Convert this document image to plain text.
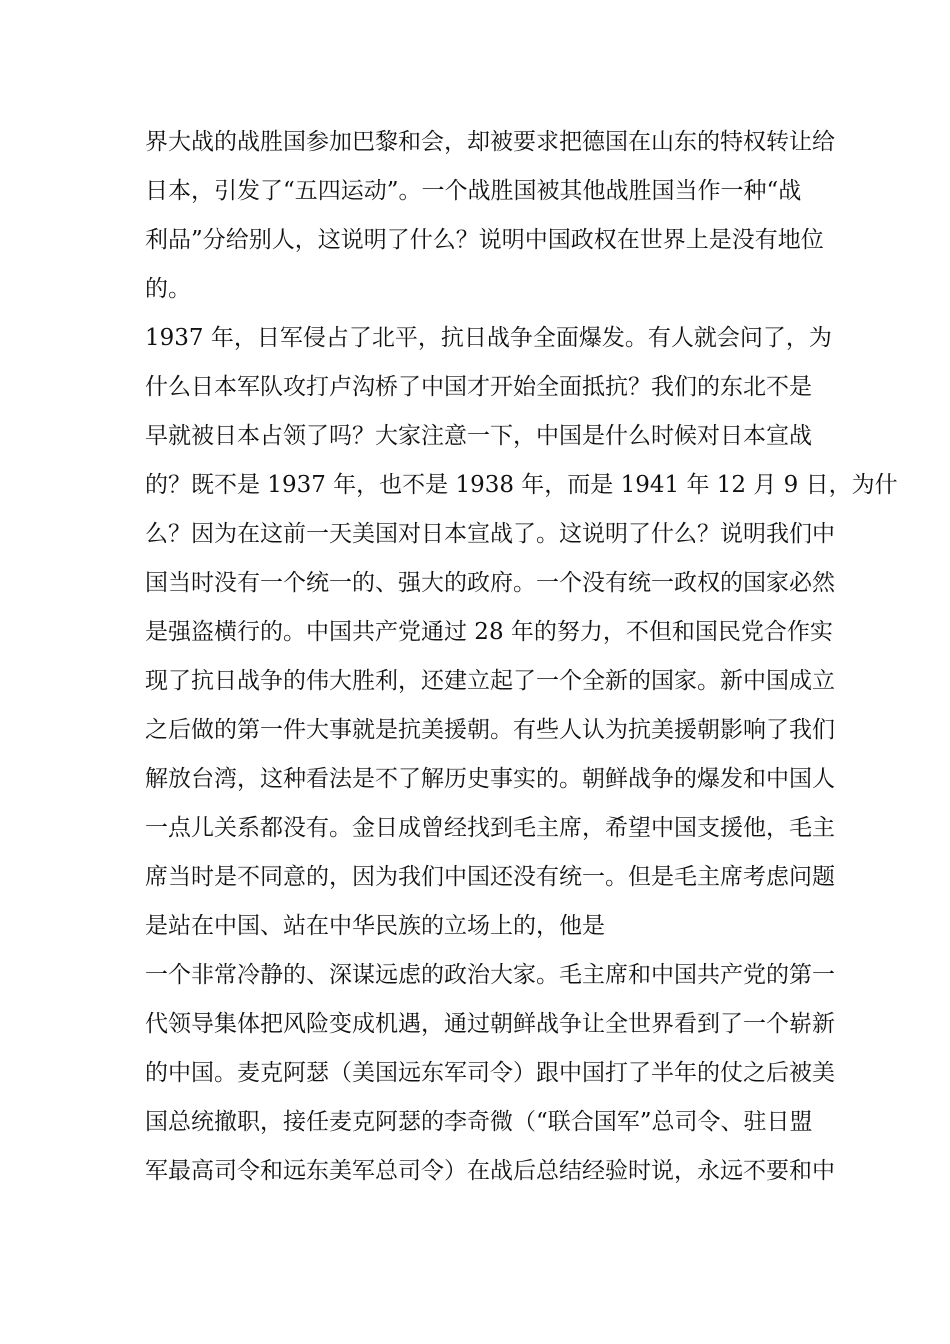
界大战的战胜国参加巴黎和会，却被要求把德国在山东的特权转让给
日本，引发了“五四运动”。一个战胜国被其他战胜国当作一种“战
利品”分给别人，这说明了什么？说明中国政权在世界上是没有地位
的。
1937 年，日军侵占了北平，抗日战争全面爆发。有人就会问了，为
什么日本军队攻打卢沟桥了中国才开始全面抵抗？我们的东北不是
早就被日本占领了吗？大家注意一下，中国是什么时候对日本宣战
的？既不是 1937 年，也不是 1938 年，而是 1941 年 12 月 9 日，为什
么？因为在这前一天美国对日本宣战了。这说明了什么？说明我们中
国当时没有一个统一的、强大的政府。一个没有统一政权的国家必然
是强盗横行的。中国共产党通过 28 年的努力，不但和国民党合作实
现了抗日战争的伟大胜利，还建立起了一个全新的国家。新中国成立
之后做的第一件大事就是抗美援朝。有些人认为抗美援朝影响了我们
解放台湾，这种看法是不了解历史事实的。朝鲜战争的爆发和中国人
一点儿关系都没有。金日成曾经找到毛主席，希望中国支援他，毛主
席当时是不同意的，因为我们中国还没有统一。但是毛主席考虑问题
是站在中国、站在中华民族的立场上的，他是
一个非常冷静的、深谋远虑的政治大家。毛主席和中国共产党的第一
代领导集体把风险变成机遇，通过朝鲜战争让全世界看到了一个崭新
的中国。麦克阿瑟（美国远东军司令）跟中国打了半年的仗之后被美
国总统撤职，接任麦克阿瑟的李奇微（“联合国军”总司令、驻日盟
军最高司令和远东美军总司令）在战后总结经验时说，永远不要和中
